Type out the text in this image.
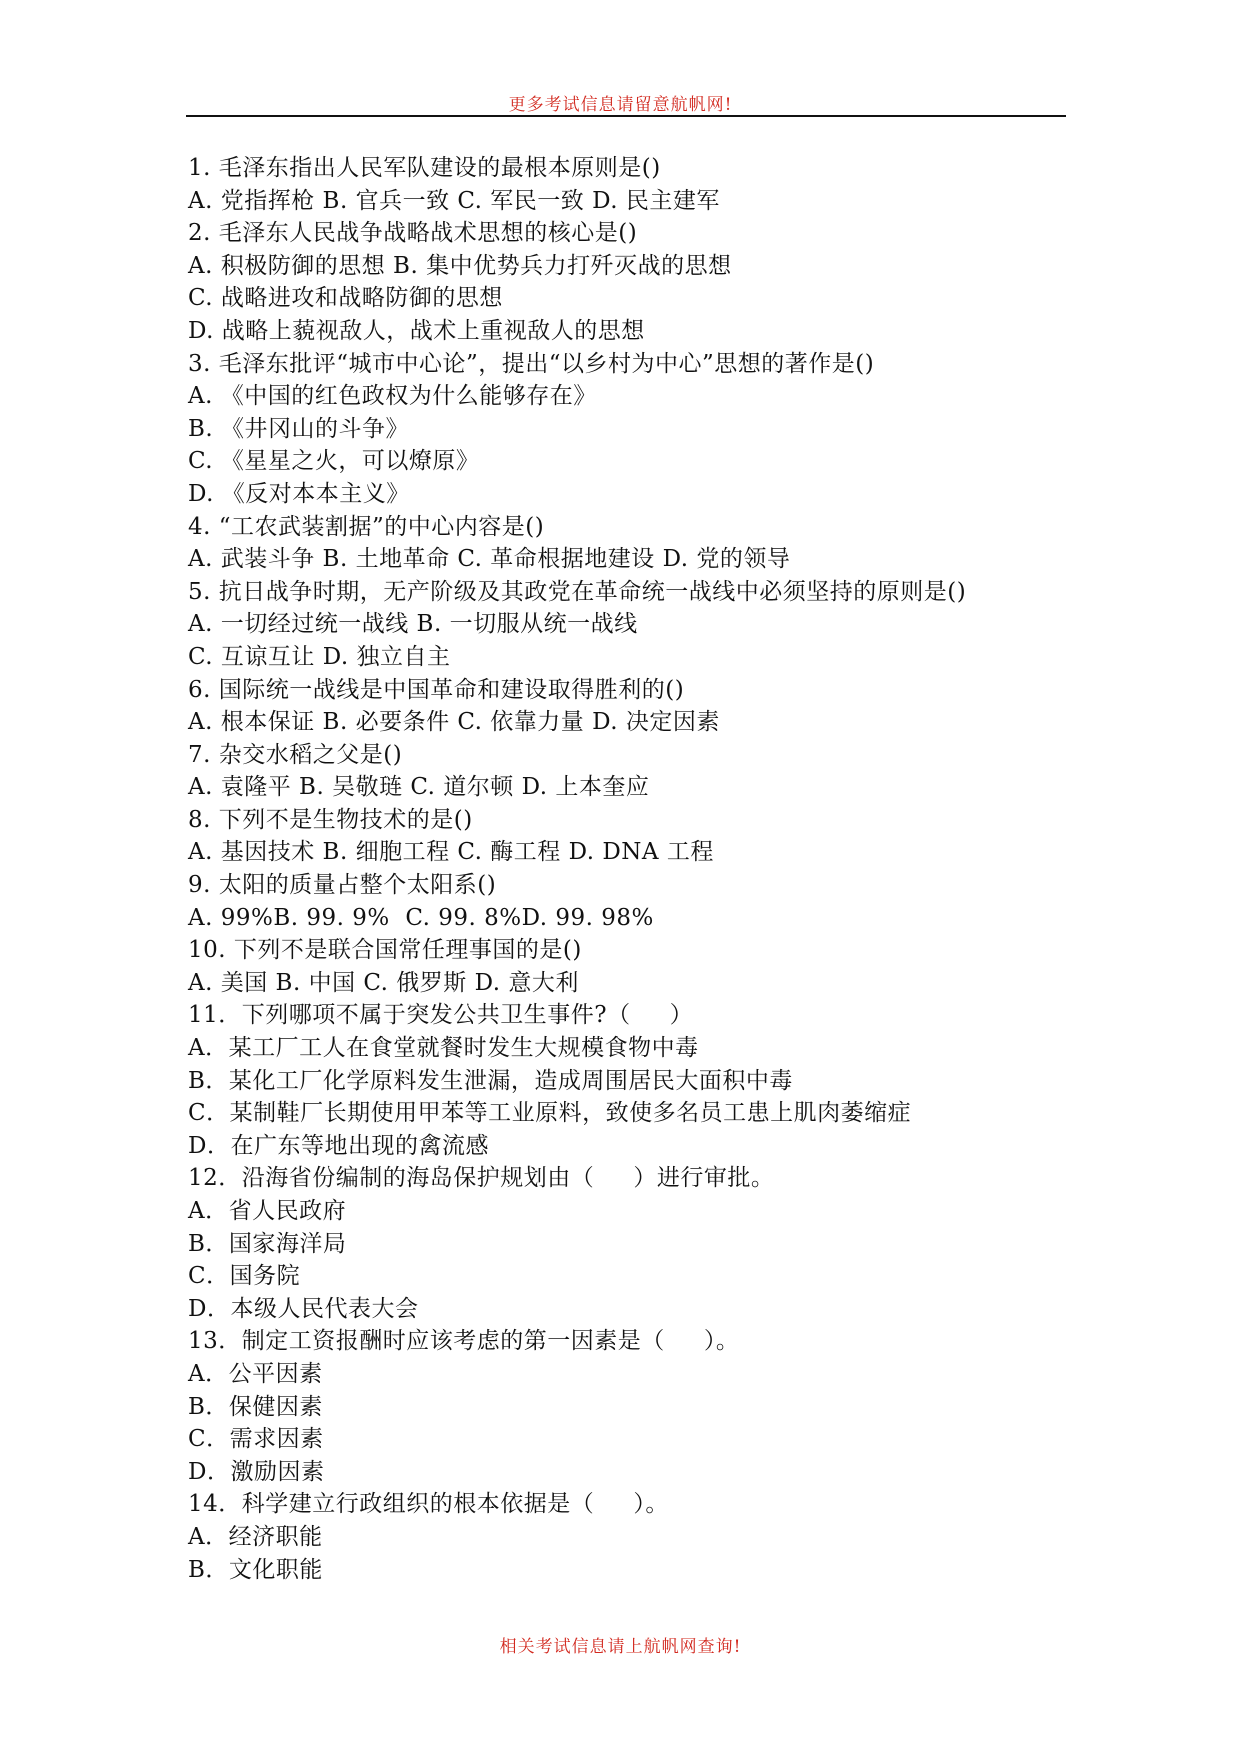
更多考试信息请留意航帆网!
1. 毛泽东指出人民军队建设的最根本原则是()
A. 党指挥枪 B. 官兵一致 C. 军民一致 D. 民主建军
2. 毛泽东人民战争战略战术思想的核心是()
A. 积极防御的思想 B. 集中优势兵力打歼灭战的思想
C. 战略进攻和战略防御的思想
D. 战略上藐视敌人，战术上重视敌人的思想
3. 毛泽东批评“城市中心论”，提出“以乡村为中心”思想的著作是()
A. 《中国的红色政权为什么能够存在》
B. 《井冈山的斗争》
C. 《星星之火，可以燎原》
D. 《反对本本主义》
4. “工农武装割据”的中心内容是()
A. 武装斗争 B. 土地革命 C. 革命根据地建设 D. 党的领导
5. 抗日战争时期，无产阶级及其政党在革命统一战线中必须坚持的原则是()
A. 一切经过统一战线 B. 一切服从统一战线
C. 互谅互让 D. 独立自主
6. 国际统一战线是中国革命和建设取得胜利的()
A. 根本保证 B. 必要条件 C. 依靠力量 D. 决定因素
7. 杂交水稻之父是()
A. 袁隆平 B. 吴敬琏 C. 道尔顿 D. 上本奎应
8. 下列不是生物技术的是()
A. 基因技术 B. 细胞工程 C. 酶工程 D. DNA 工程
9. 太阳的质量占整个太阳系()
A. 99%B. 99. 9%  C. 99. 8%D. 99. 98%
10. 下列不是联合国常任理事国的是()
A. 美国 B. 中国 C. 俄罗斯 D. 意大利
11．下列哪项不属于突发公共卫生事件?（     ）
A．某工厂工人在食堂就餐时发生大规模食物中毒
B．某化工厂化学原料发生泄漏，造成周围居民大面积中毒
C．某制鞋厂长期使用甲苯等工业原料，致使多名员工患上肌肉萎缩症
D．在广东等地出现的禽流感
12．沿海省份编制的海岛保护规划由（     ）进行审批。
A．省人民政府
B．国家海洋局
C．国务院
D．本级人民代表大会
13．制定工资报酬时应该考虑的第一因素是（     ）。
A．公平因素
B．保健因素
C．需求因素
D．激励因素
14．科学建立行政组织的根本依据是（     ）。
A．经济职能
B．文化职能
相关考试信息请上航帆网查询!
